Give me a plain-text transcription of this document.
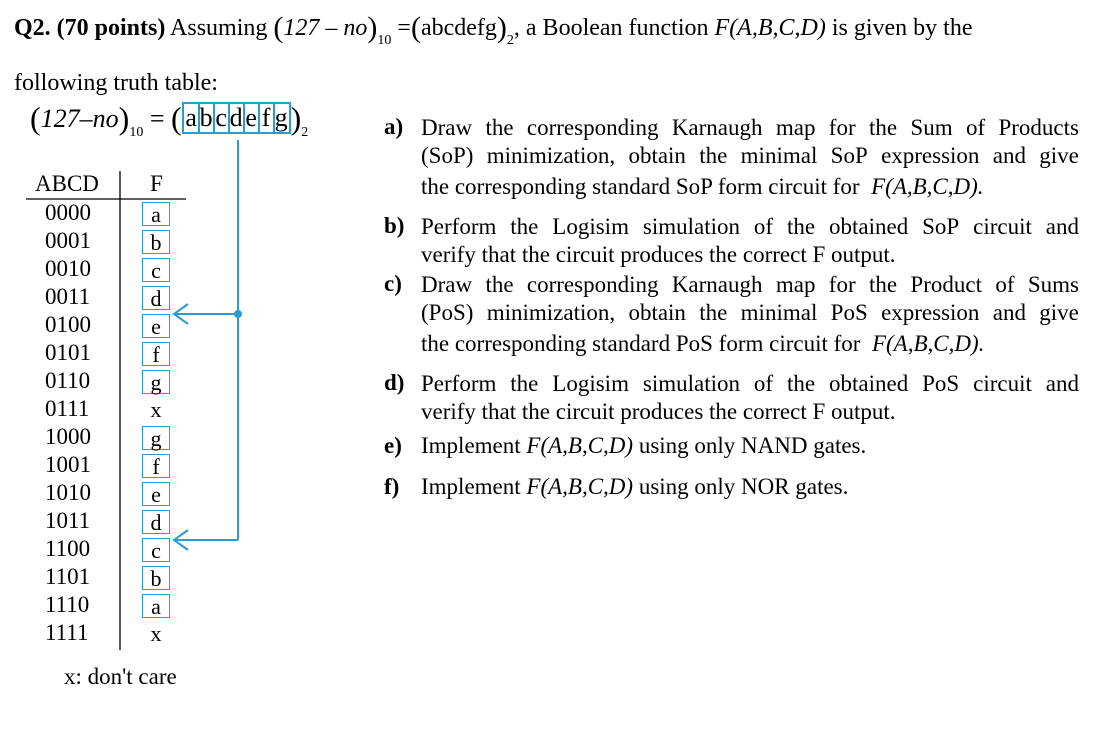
Q2. (70 points) Assuming $(127 - no)_{10}$ $=(abcdefg)_2$, a Boolean function F(A,B,C,D) is given by the
following truth table:
$(127-no)_{10}$ = ( a b c d e f $g)_2$
ABCD F
0000	a
0001	b
0010	c
0011	d
0100	e
0101	f
0110	g
0111	x
1000	g
1001	f
1010	e
1011	d
1100	c
1101	b
1110	a
1111	x
x: don't care
a) Draw the corresponding Karnaugh map for the Sum of Products
(SoP) minimization, obtain the minimal SoP expression and give
the corresponding standard SoP form circuit for F(A,B,C,D).
b) Perform the Logisim simulation of the obtained SoP circuit and
verify that the circuit produces the correct F output.
c) Draw the corresponding Karnaugh map for the Product of Sums
(PoS) minimization, obtain the minimal PoS expression and give
the corresponding standard PoS form circuit for F(A,B,C,D).
d) Perform the Logisim simulation of the obtained PoS circuit and
verify that the circuit produces the correct F output.
e) Implement F(A,B,C,D) using only NAND gates.
f) Implement F(A,B,C,D) using only NOR gates.
